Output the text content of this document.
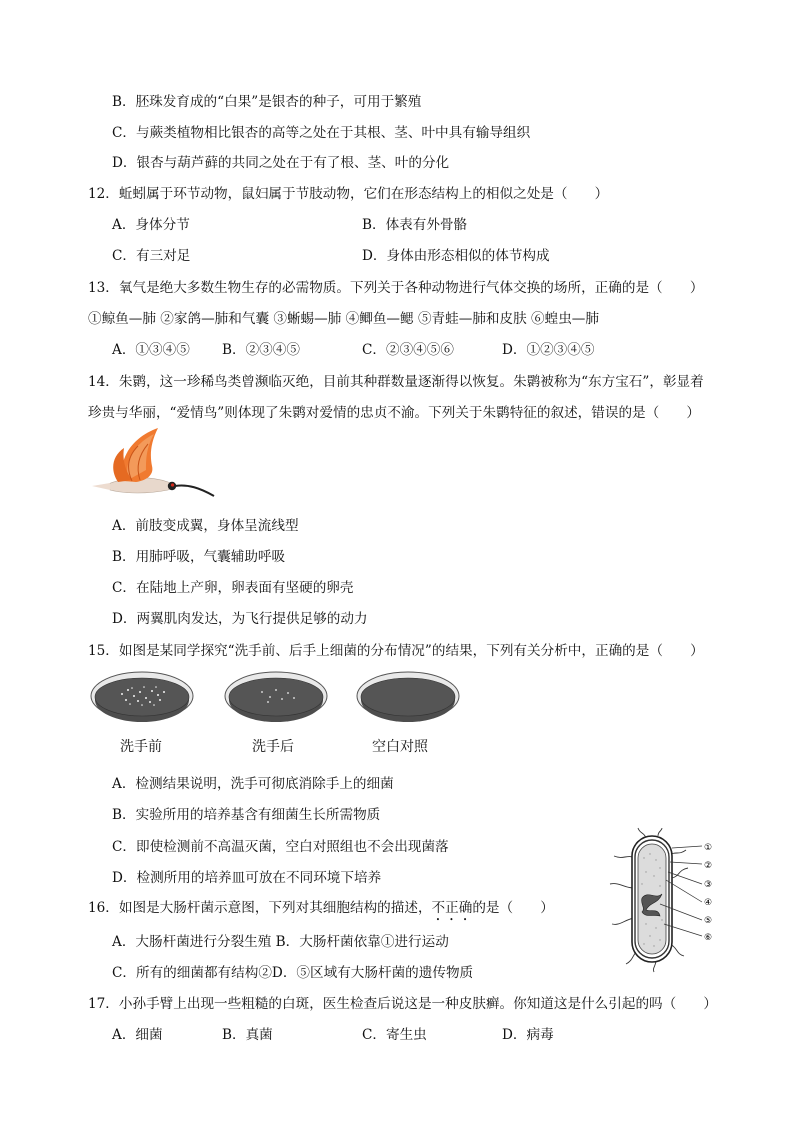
B．胚珠发育成的“白果”是银杏的种子，可用于繁殖
C．与蕨类植物相比银杏的高等之处在于其根、茎、叶中具有输导组织
D．银杏与葫芦藓的共同之处在于有了根、茎、叶的分化
12．蚯蚓属于环节动物，鼠妇属于节肢动物，它们在形态结构上的相似之处是（　　）
A．身体分节	B．体表有外骨骼
C．有三对足	D．身体由形态相似的体节构成
13．氧气是绝大多数生物生存的必需物质。下列关于各种动物进行气体交换的场所，正确的是（　　）
①鲸鱼—肺 ②家鸽—肺和气囊 ③蜥蜴—肺 ④鲫鱼—鳃 ⑤青蛙—肺和皮肤 ⑥蝗虫—肺
A．①③④⑤ B．②③④⑤	C．②③④⑤⑥	D．①②③④⑤
14．朱鹮，这一珍稀鸟类曾濒临灭绝，目前其种群数量逐渐得以恢复。朱鹮被称为“东方宝石”，彰显着
珍贵与华丽，“爱情鸟”则体现了朱鹮对爱情的忠贞不渝。下列关于朱鹮特征的叙述，错误的是（　　）
A．前肢变成翼，身体呈流线型
B．用肺呼吸，气囊辅助呼吸
C．在陆地上产卵，卵表面有坚硬的卵壳
D．两翼肌肉发达，为飞行提供足够的动力
15．如图是某同学探究“洗手前、后手上细菌的分布情况”的结果，下列有关分析中，正确的是（　　）
洗手前	洗手后	空白对照
A．检测结果说明，洗手可彻底消除手上的细菌
B．实验所用的培养基含有细菌生长所需物质
C．即使检测前不高温灭菌，空白对照组也不会出现菌落
D．检测所用的培养皿可放在不同环境下培养
①
②
③
④
⑤
⑥
16．如图是大肠杆菌示意图，下列对其细胞结构的描述，不正确的是（　　）
A．大肠杆菌进行分裂生殖 B．大肠杆菌依靠①进行运动
C．所有的细菌都有结构②D．⑤区域有大肠杆菌的遗传物质
17．小孙手臂上出现一些粗糙的白斑，医生检查后说这是一种皮肤癣。你知道这是什么引起的吗（　　）
A．细菌	B．真菌	C．寄生虫	D．病毒
